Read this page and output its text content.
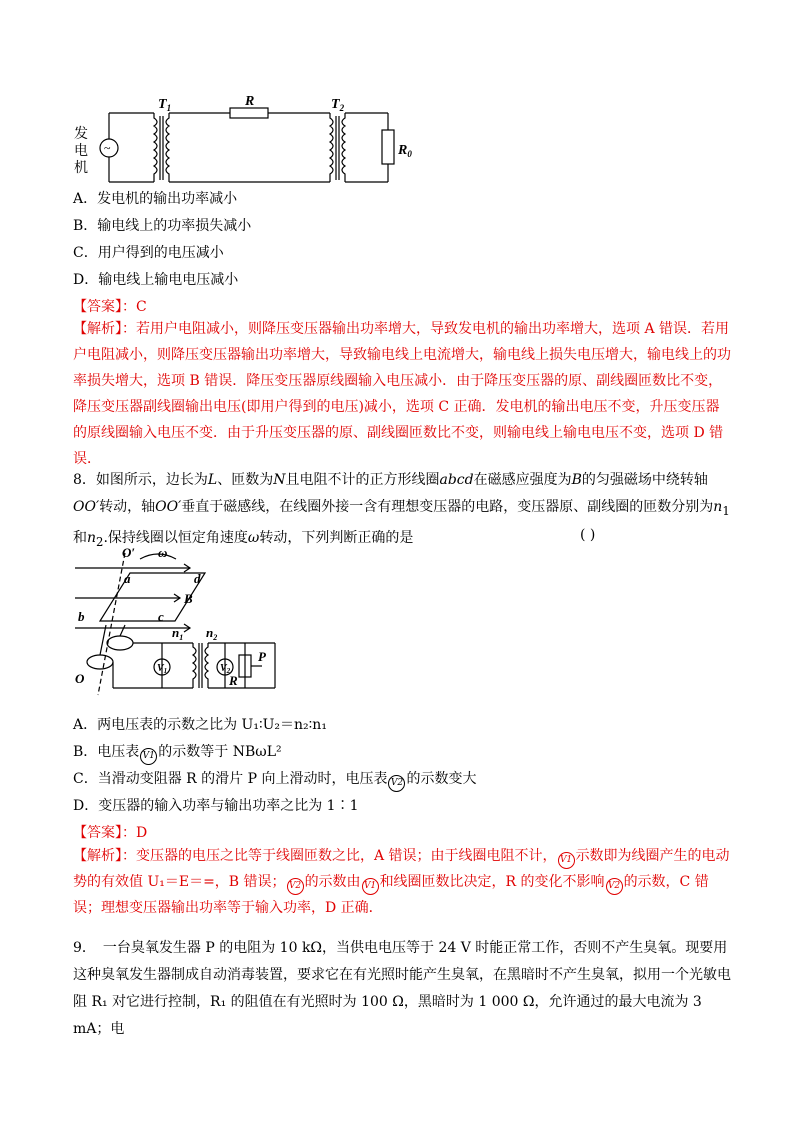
发
电
机
~
$T_1$	R	$T_2$
$R_0$
A．发电机的输出功率减小
B．输电线上的功率损失减小
C．用户得到的电压减小
D．输电线上输电电压减小
【答案】：C
【解析】：若用户电阻减小，则降压变压器输出功率增大，导致发电机的输出功率增大，选项 A 错误．若用户电阻减小，则降压变压器输出功率增大，导致输电线上电流增大，输电线上损失电压增大，输电线上的功率损失增大，选项 B 错误．降压变压器原线圈输入电压减小．由于降压变压器的原、副线圈匝数比不变，降压变压器副线圈输出电压(即用户得到的电压)减小，选项 C 正确．发电机的输出电压不变，升压变压器的原线圈输入电压不变．由于升压变压器的原、副线圈匝数比不变，则输电线上输电电压不变，选项 D 错误．
8．如图所示，边长为L、匝数为N且电阻不计的正方形线圈abcd在磁感应强度为B的匀强磁场中绕转轴OO′转动，轴OO′垂直于磁感线，在线圈外接一含有理想变压器的电路，变压器原、副线圈的匝数分别为$n_1$和$n_2$.保持线圈以恒定角速度ω转动，下列判断正确的是	( )
O′ ω
a	d
b	c
B
$n_1$ $n_2$
$V_1$	$V_2$
P
R
O
A．两电压表的示数之比为 U₁∶U₂＝n₂∶n₁
B．电压表 V1 的示数等于 NBωL²
C．当滑动变阻器 R 的滑片 P 向上滑动时，电压表 V2 的示数变大
D．变压器的输入功率与输出功率之比为 1∶1
【答案】：D
【解析】：变压器的电压之比等于线圈匝数之比，A 错误；由于线圈电阻不计， V1 示数即为线圈产生的电动势的有效值 U₁＝E＝=，B 错误； V2 的示数由 V1 和线圈匝数比决定，R 的变化不影响 V2 的示数，C 错误；理想变压器输出功率等于输入功率，D 正确．
9．　一台臭氧发生器 P 的电阻为 10 kΩ，当供电电压等于 24 V 时能正常工作，否则不产生臭氧。现要用这种臭氧发生器制成自动消毒装置，要求它在有光照时能产生臭氧，在黑暗时不产生臭氧，拟用一个光敏电阻 R₁ 对它进行控制，R₁ 的阻值在有光照时为 100 Ω，黑暗时为 1 000 Ω，允许通过的最大电流为 3 mA；电
